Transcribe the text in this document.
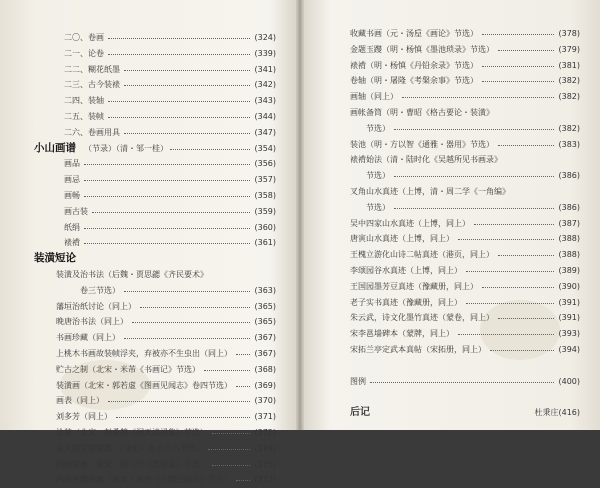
二〇、卷画	(324)
二一、论卷	(339)
二二、糊花纸墨	(341)
二三、古今装裱	(342)
二四、装轴	(343)
二五、装帧	(344)
二六、卷画用具	(347)
小山画谱 （节录）（清・邹一桂）	(354)
画品	(356)
画忌	(357)
画畅	(358)
画古装	(359)
纸绢	(360)
裱褙	(361)
装潢短论
装潢及治书法（后魏・贾思勰《齐民要术》
卷三节选）	(363)
藩垣治纸讨论（同上）	(365)
晚唐治书法（同上）	(365)
书画珍藏（同上）	(367)
上桃木书画故装帧浮夹，弃被亦不生虫出（同上）	(367)
贮古之制（北宋・米芾《书画记》节选）	(368)
装潢画（北宋・郭若虚《图画见闻志》卷四节选）	(369)
画表（同上）	(370)
刘多芳（同上）	(371)
论装（北宋・赵希鹄《洞天清禄集》节选）	(372)
金人的官铺装潢（《金史》卷五十八节选）	(374)
内府装裱（南宋・赵与时《宾退录》节选）	(375)
内府书籍装潢（南宋・周密《云烟过眼录》节选）	(377)
收藏书画（元・汤垕《画论》节选）	(378)
金题玉躞（明・杨慎《墨池琐录》节选）	(379)
裱褙（明・杨慎《丹铅余录》节选）	(381)
卷轴（明・屠隆《考槃余事》节选）	(382)
画轴（同上）	(382)
画帐备筒（明・曹昭《格古要论・装潢》
节选）	(382)
装池（明・方以智《通雅・器用》节选）	(383)
裱褙始法（清・陆时化《吴越所见书画录》
节选）	(386)
叉角山水真迹（上博，清・周二学《一角编》
节选）	(386)
吴中四家山水真迹（上博，同上）	(387)
唐寅山水真迹（上博，同上）	(388)
王槐立游化山诗二帖真迹（港页，同上）	(388)
李颂园谷水真迹（上博，同上）	(389)
王国园墨芳豆真迹（豫藏册，同上）	(390)
老子实书真迹（豫藏册，同上）	(391)
朱云武，诗文化墨竹真迹（蒙卷，同上）	(391)
宋李邕墙碑本（蒙牌，同上）	(393)
宋拓兰亭定武本真帖（宋拓册，同上）	(394)
图例	(400)
后记	杜秉庄(416)
